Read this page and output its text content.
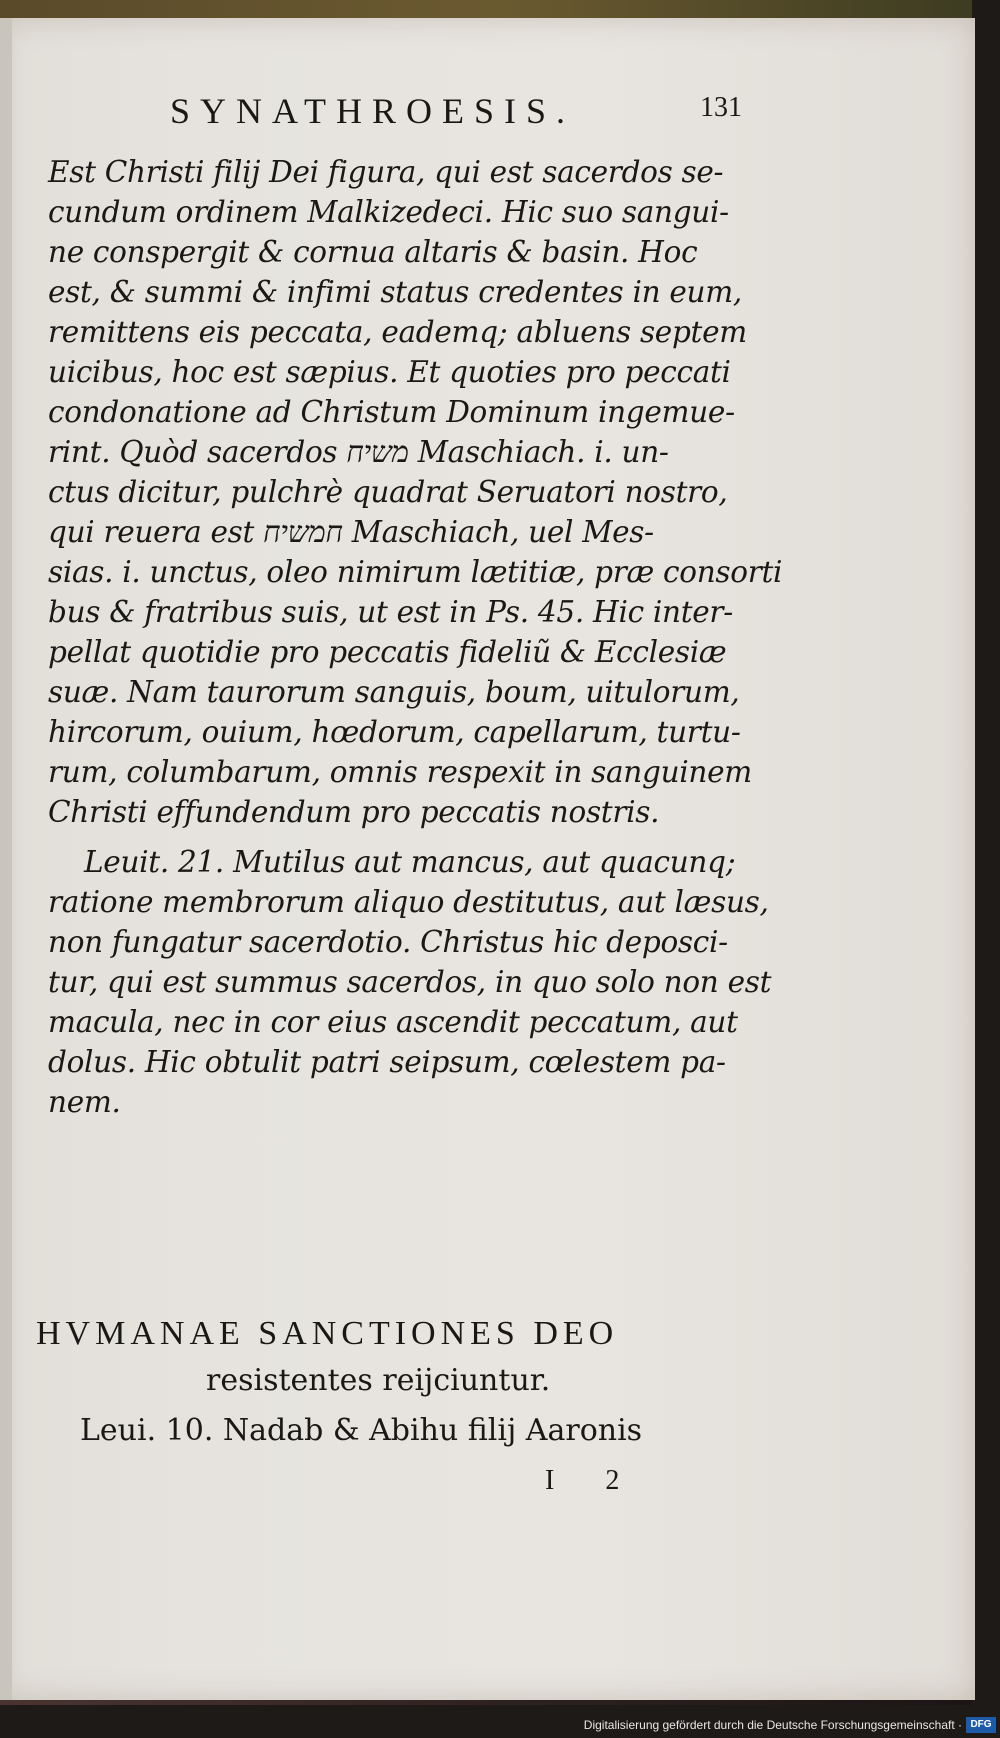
SYNATHROESIS.	131
Est Christi filij Dei figura, qui est sacerdos se-
cundum ordinem Malkizedeci. Hic suo sangui-
ne conspergit & cornua altaris & basin. Hoc
est, & summi & infimi status credentes in eum,
remittens eis peccata, eademq; abluens septem
uicibus, hoc est sæpius. Et quoties pro peccati
condonatione ad Christum Dominum ingemue-
rint. Quòd sacerdos משיח Maschiach. i. un-
ctus dicitur, pulchrè quadrat Seruatori nostro,
qui reuera est חמשיח Maschiach, uel Mes-
sias. i. unctus, oleo nimirum lætitiæ, præ consorti
bus & fratribus suis, ut est in Ps. 45. Hic inter-
pellat quotidie pro peccatis fideliũ & Ecclesiæ
suæ. Nam taurorum sanguis, boum, uitulorum,
hircorum, ouium, hœdorum, capellarum, turtu-
rum, columbarum, omnis respexit in sanguinem
Christi effundendum pro peccatis nostris.
Leuit. 21. Mutilus aut mancus, aut quacunq;
ratione membrorum aliquo destitutus, aut læsus,
non fungatur sacerdotio. Christus hic deposci-
tur, qui est summus sacerdos, in quo solo non est
macula, nec in cor eius ascendit peccatum, aut
dolus. Hic obtulit patri seipsum, cœlestem pa-
nem.
HVMANAE SANCTIONES DEO
resistentes reijciuntur.
Leui. 10. Nadab & Abihu filij Aaronis
I 2
Digitalisierung gefördert durch die Deutsche Forschungsgemeinschaft · DFG
